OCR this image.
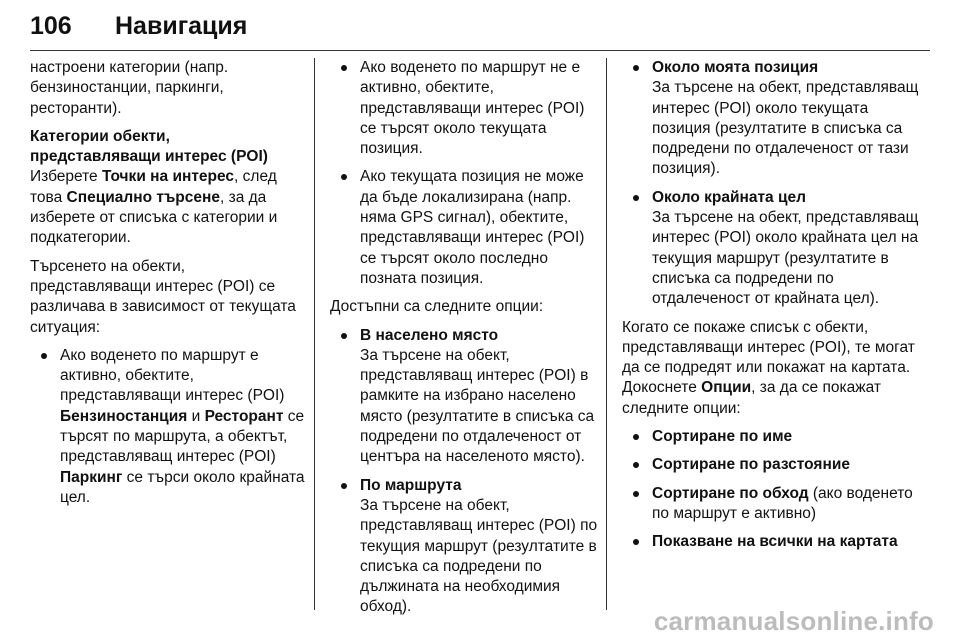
106 Навигация

настроени категории (напр. бензиностанции, паркинги, ресторанти).

Категории обекти,
представляващи интерес (POI)

Изберете Точки на интерес, след това Специално търсене, за да изберете от списъка с категории и подкатегории.

Търсенето на обекти, представляващи интерес (POI) се различава в зависимост от текущата ситуация:

Ако воденето по маршрут е активно, обектите, представляващи интерес (POI) Бензиностанция и Ресторант се търсят по маршрута, а обектът, представляващ интерес (POI) Паркинг се търси около крайната цел.
Ако воденето по маршрут не е активно, обектите, представляващи интерес (POI) се търсят около текущата позиция.
Ако текущата позиция не може да бъде локализирана (напр. няма GPS сигнал), обектите, представляващи интерес (POI) се търсят около последно позната позиция.

Достъпни са следните опции:

В населено място
За търсене на обект, представляващ интерес (POI) в рамките на избрано населено място (резултатите в списъка са подредени по отдалеченост от центъра на населеното място).
По маршрута
За търсене на обект, представляващ интерес (POI) по текущия маршрут (резултатите в списъка са подредени по дължината на необходимия обход).
Около моята позиция
За търсене на обект, представляващ интерес (POI) около текущата позиция (резултатите в списъка са подредени по отдалеченост от тази позиция).
Около крайната цел
За търсене на обект, представляващ интерес (POI) около крайната цел на текущия маршрут (резултатите в списъка са подредени по отдалеченост от крайната цел).

Когато се покаже списък с обекти, представляващи интерес (POI), те могат да се подредят или покажат на картата. Докоснете Опции, за да се покажат следните опции:

Сортиране по име
Сортиране по разстояние
Сортиране по обход (ако воденето по маршрут е активно)
Показване на всички на картата
carmanualsonline.info
